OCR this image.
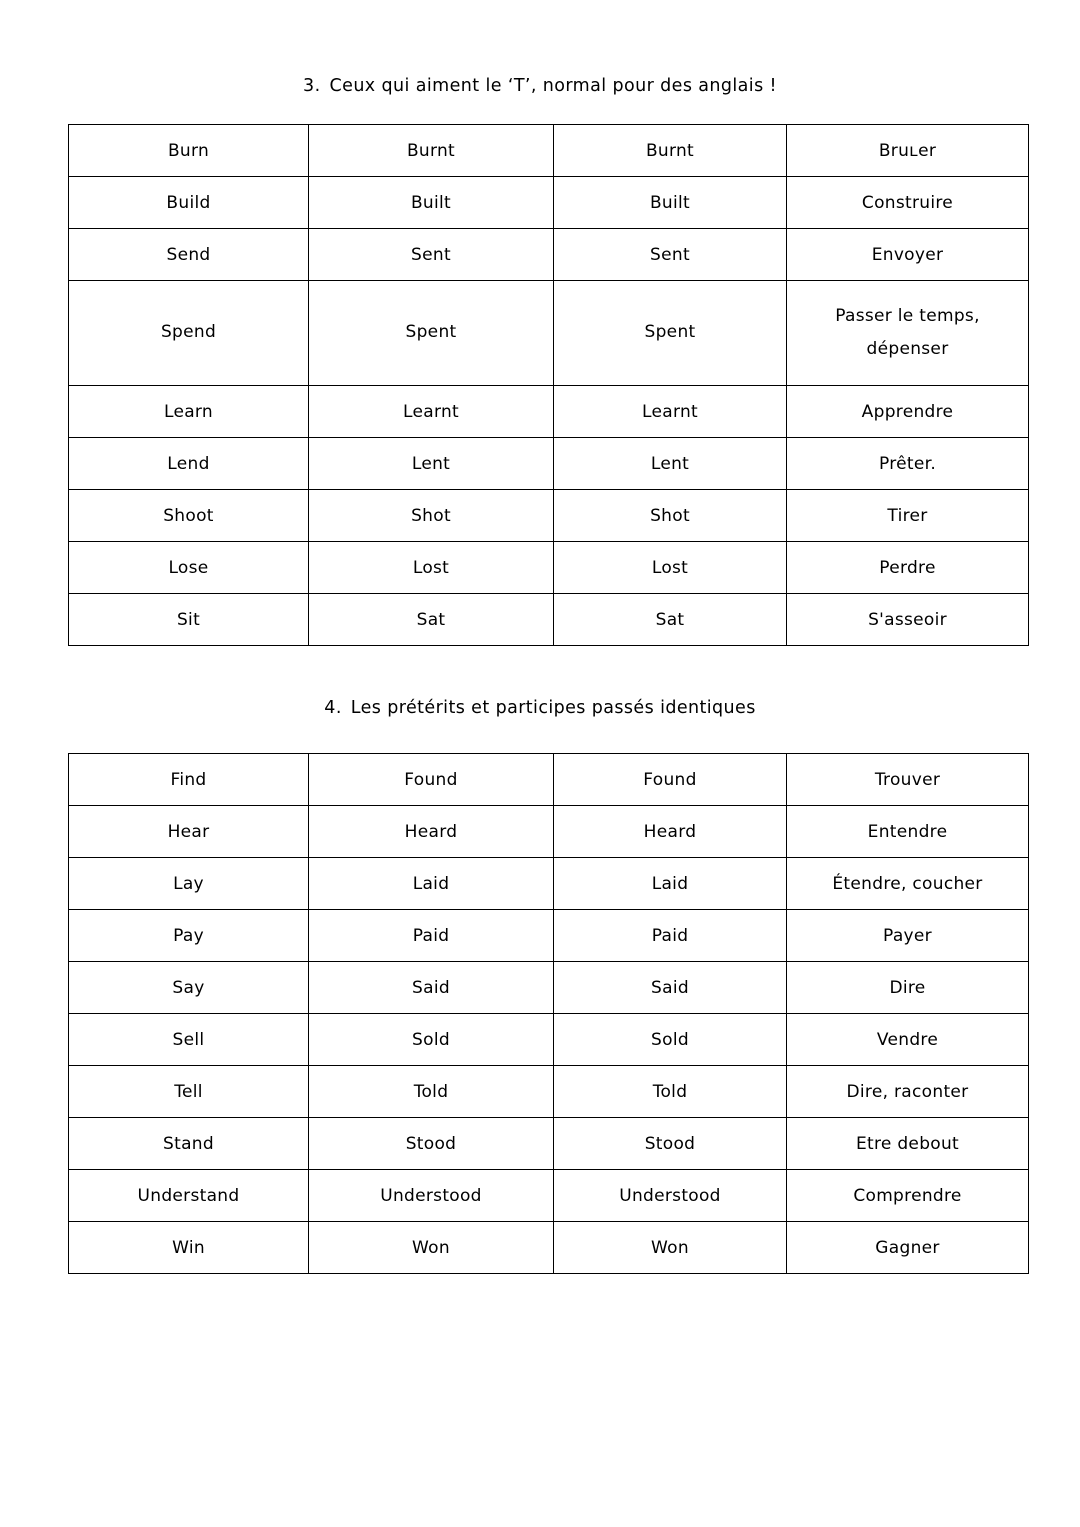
3. Ceux qui aiment le ‘T’, normal pour des anglais !
Burn	Burnt	Burnt	Bruʟer
Build	Built	Built	Construire
Send	Sent	Sent	Envoyer
Spend	Spent	Spent	Passer le temps,
dépenser

Learn	Learnt	Learnt	Apprendre
Lend	Lent	Lent	Prêter.
Shoot	Shot	Shot	Tirer
Lose	Lost	Lost	Perdre
Sit	Sat	Sat	S'asseoir
4. Les prétérits et participes passés identiques
Find	Found	Found	Trouver
Hear	Heard	Heard	Entendre
Lay	Laid	Laid	Étendre, coucher
Pay	Paid	Paid	Payer
Say	Said	Said	Dire
Sell	Sold	Sold	Vendre
Tell	Told	Told	Dire, raconter
Stand	Stood	Stood	Etre debout
Understand	Understood	Understood	Comprendre
Win	Won	Won	Gagner
